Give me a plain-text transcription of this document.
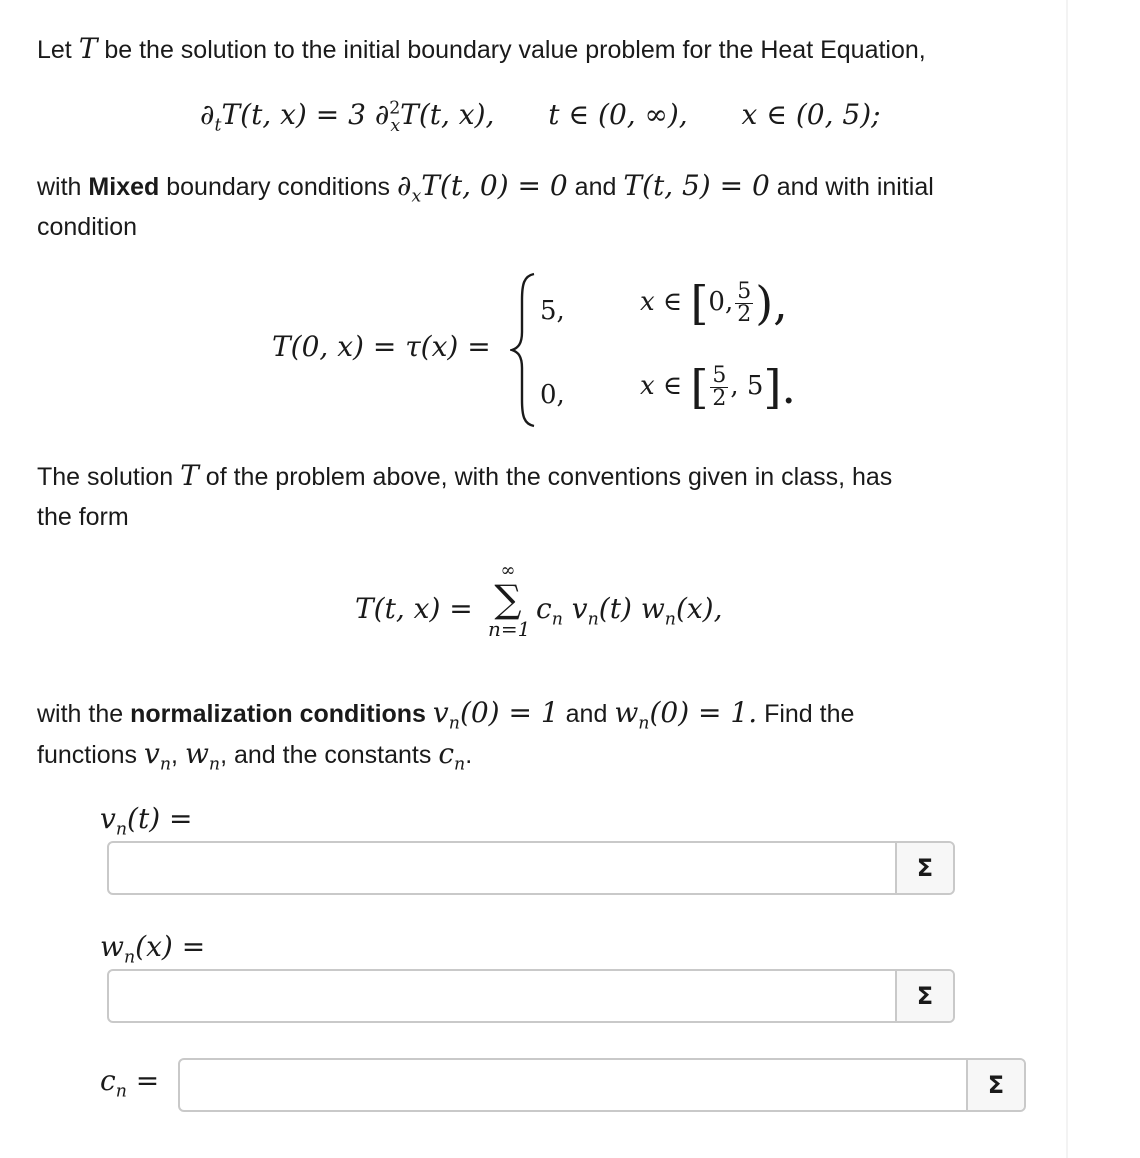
Let T be the solution to the initial boundary value problem for the Heat Equation,

$\partial_tT(t$, x) = 3 ∂$^2_x$T(t, x), t ∈ (0, ∞), x ∈ (0, 5);

with Mixed boundary conditions $\partial_xT(t$, 0) = 0 and T(t, 5) = 0 and with initial
condition

T(0, x) = τ(x) =
5,	x ∈ [0, $\frac{5}{2}$ ),
0,	x ∈ [ $\frac{5}{2}$ , 5].

The solution T of the problem above, with the conventions given in class, has
the form

T(t, x) =
∞
∑
n=1
$c_n$ $v_n(t)$ $w_n(x)$,

with the normalization conditions $v_n(0) = 1$ and $w_n(0) = 1$. Find the
functions $v_n$, $w_n$, and the constants $c_n$.

$v_n(t)$ =
Σ
$w_n(x)$ =
Σ
$c_n$ =	Σ
